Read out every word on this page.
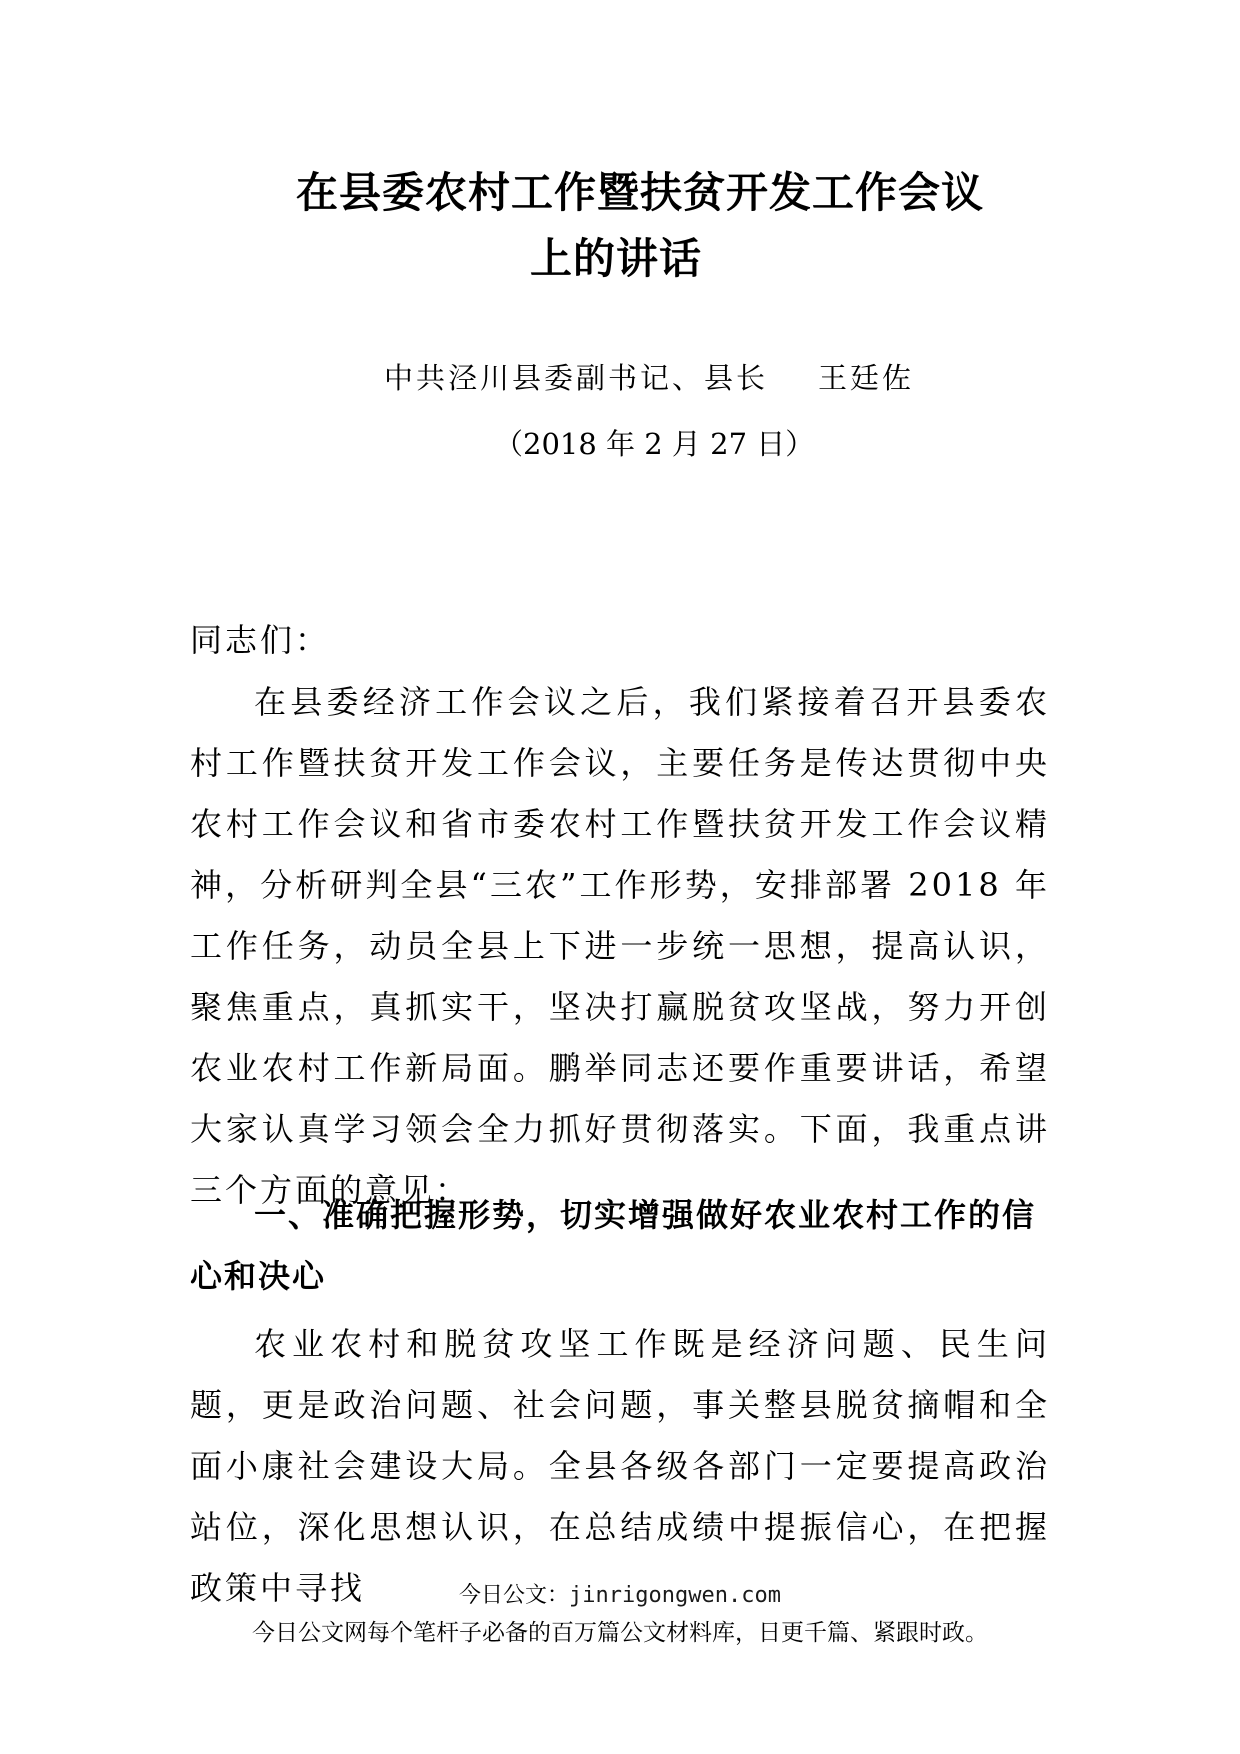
在县委农村工作暨扶贫开发工作会议
上的讲话
中共泾川县委副书记、县长 王廷佐
（2018 年 2 月 27 日）
同志们：
在县委经济工作会议之后，我们紧接着召开县委农村工作暨扶贫开发工作会议，主要任务是传达贯彻中央农村工作会议和省市委农村工作暨扶贫开发工作会议精神，分析研判全县“三农”工作形势，安排部署 2018 年工作任务，动员全县上下进一步统一思想，提高认识，聚焦重点，真抓实干，坚决打赢脱贫攻坚战，努力开创农业农村工作新局面。鹏举同志还要作重要讲话，希望大家认真学习领会全力抓好贯彻落实。下面，我重点讲三个方面的意见：
一、准确把握形势，切实增强做好农业农村工作的信心和决心
农业农村和脱贫攻坚工作既是经济问题、民生问题，更是政治问题、社会问题，事关整县脱贫摘帽和全面小康社会建设大局。全县各级各部门一定要提高政治站位，深化思想认识，在总结成绩中提振信心，在把握政策中寻找	今日公文：jinrigongwen.com
今日公文网每个笔杆子必备的百万篇公文材料库，日更千篇、紧跟时政。
